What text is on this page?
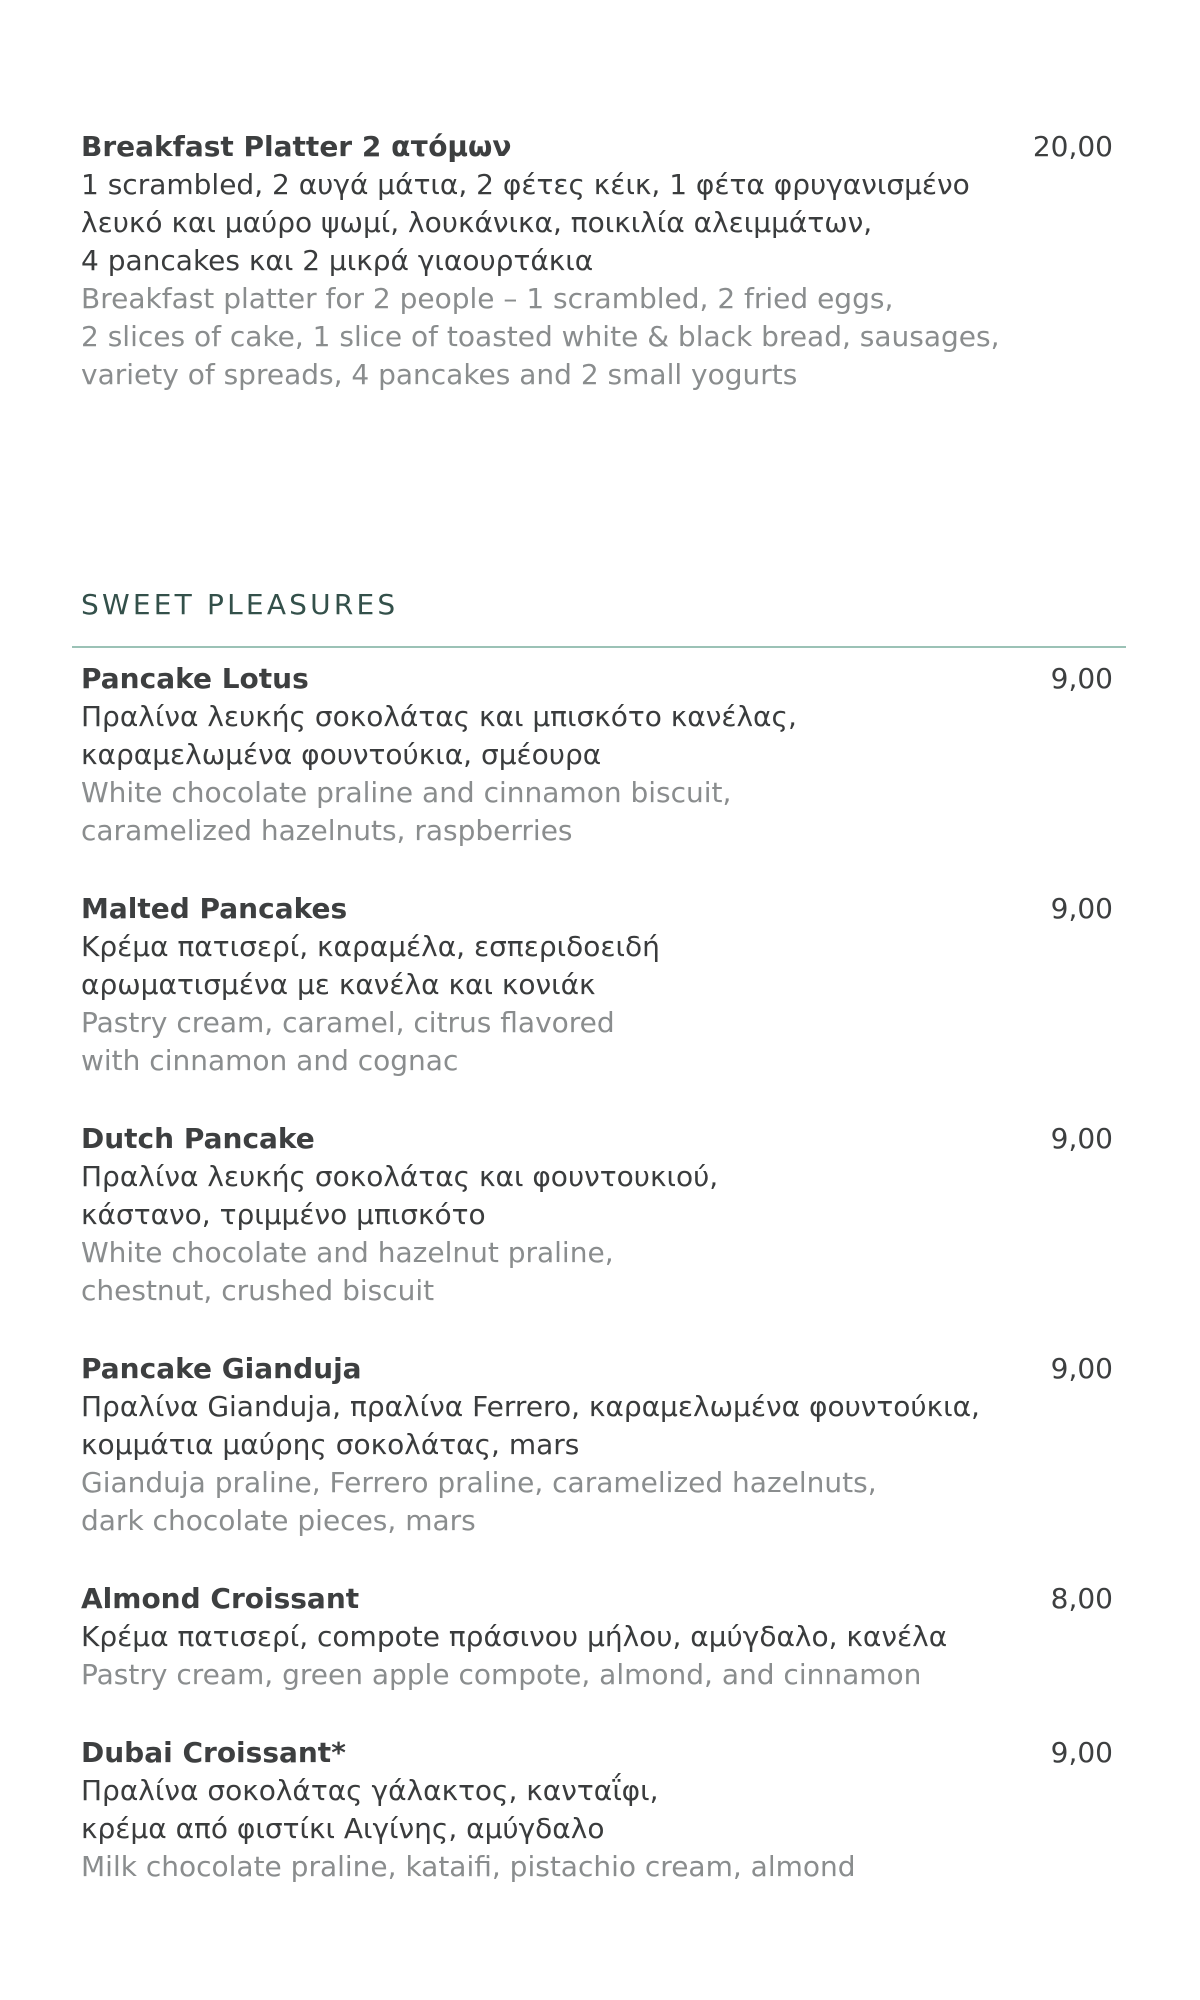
Breakfast Platter 2 ατόμων	20,00
1 scrambled, 2 αυγά μάτια, 2 φέτες κέικ, 1 φέτα φρυγανισμένο
λευκό και μαύρο ψωμί, λουκάνικα, ποικιλία αλειμμάτων,
4 pancakes και 2 μικρά γιαουρτάκια
Breakfast platter for 2 people – 1 scrambled, 2 fried eggs,
2 slices of cake, 1 slice of toasted white & black bread, sausages,
variety of spreads, 4 pancakes and 2 small yogurts
SWEET PLEASURES
Pancake Lotus	9,00
Πραλίνα λευκής σοκολάτας και μπισκότο κανέλας,
καραμελωμένα φουντούκια, σμέουρα
White chocolate praline and cinnamon biscuit,
caramelized hazelnuts, raspberries
Malted Pancakes	9,00
Κρέμα πατισερί, καραμέλα, εσπεριδοειδή
αρωματισμένα με κανέλα και κονιάκ
Pastry cream, caramel, citrus flavored
with cinnamon and cognac
Dutch Pancake	9,00
Πραλίνα λευκής σοκολάτας και φουντουκιού,
κάστανο, τριμμένο μπισκότο
White chocolate and hazelnut praline,
chestnut, crushed biscuit
Pancake Gianduja	9,00
Πραλίνα Gianduja, πραλίνα Ferrero, καραμελωμένα φουντούκια,
κομμάτια μαύρης σοκολάτας, mars
Gianduja praline, Ferrero praline, caramelized hazelnuts,
dark chocolate pieces, mars
Almond Croissant	8,00
Κρέμα πατισερί, compote πράσινου μήλου, αμύγδαλο, κανέλα
Pastry cream, green apple compote, almond, and cinnamon
Dubai Croissant*	9,00
Πραλίνα σοκολάτας γάλακτος, κανταΐφι,
κρέμα από φιστίκι Αιγίνης, αμύγδαλο
Milk chocolate praline, kataifi, pistachio cream, almond
